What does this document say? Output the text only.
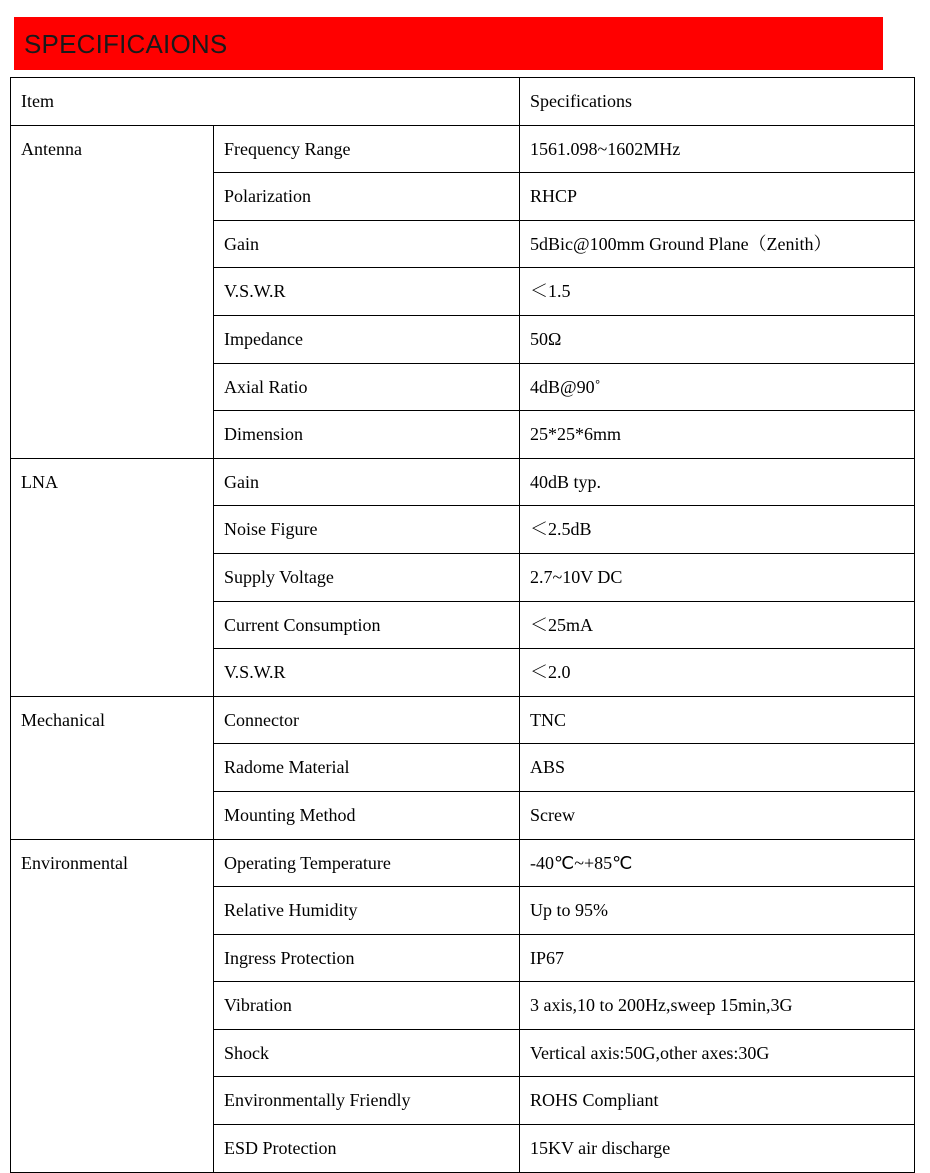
SPECIFICAIONS
Item		Specifications
Antenna	Frequency Range	1561.098~1602MHz
	Polarization	RHCP
	Gain	5dBic@100mm Ground Plane（Zenith）
	V.S.W.R	＜1.5
	Impedance	50Ω
	Axial Ratio	4dB@90˚
	Dimension	25*25*6mm
LNA	Gain	40dB typ.
	Noise Figure	＜2.5dB
	Supply Voltage	2.7~10V DC
	Current Consumption	＜25mA
	V.S.W.R	＜2.0
Mechanical	Connector	TNC
	Radome Material	ABS
	Mounting Method	Screw
Environmental	Operating Temperature	-40℃~+85℃
	Relative Humidity	Up to 95%
	Ingress Protection	IP67
	Vibration	3 axis,10 to 200Hz,sweep 15min,3G
	Shock	Vertical axis:50G,other axes:30G
	Environmentally Friendly	ROHS Compliant
	ESD Protection	15KV air discharge
